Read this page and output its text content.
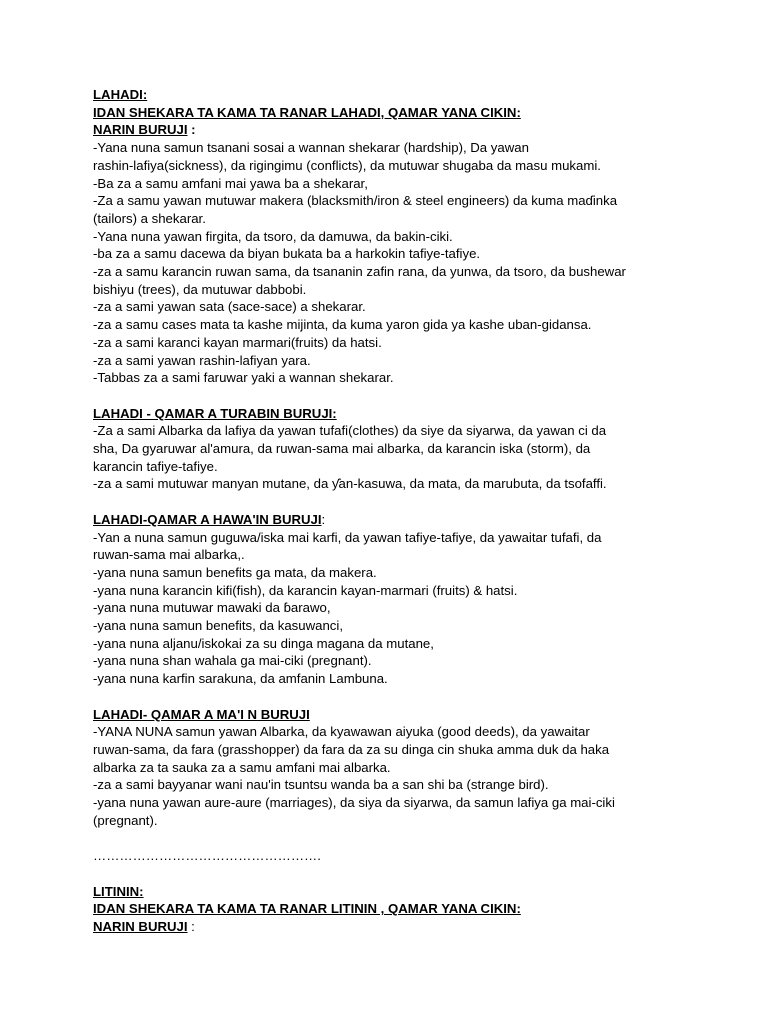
LAHADI:

IDAN SHEKARA TA KAMA TA RANAR LAHADI, QAMAR YANA CIKIN:

NARIN BURUJI :

-Yana nuna samun tsanani sosai a wannan shekarar (hardship), Da yawan

rashin-lafiya(sickness), da rigingimu (conflicts), da mutuwar shugaba da masu mukami.

-Ba za a samu amfani mai yawa ba a shekarar,

-Za a samu yawan mutuwar makera (blacksmith/iron & steel engineers) da kuma maɗinka

(tailors) a shekarar.

-Yana nuna yawan firgita, da tsoro, da damuwa, da bakin-ciki.

-ba za a samu dacewa da biyan bukata ba a harkokin tafiye-tafiye.

-za a samu karancin ruwan sama, da tsananin zafin rana, da yunwa, da tsoro, da bushewar

bishiyu (trees), da mutuwar dabbobi.

-za a sami yawan sata (sace-sace) a shekarar.

-za a samu cases mata ta kashe mijinta, da kuma yaron gida ya kashe uban-gidansa.

-za a sami karanci kayan marmari(fruits) da hatsi.

-za a sami yawan rashin-lafiyan yara.

-Tabbas za a sami faruwar yaki a wannan shekarar.

LAHADI - QAMAR A TURABIN BURUJI:

-Za a sami Albarka da lafiya da yawan tufafi(clothes) da siye da siyarwa, da yawan ci da

sha, Da gyaruwar al'amura, da ruwan-sama mai albarka, da karancin iska (storm), da

karancin tafiye-tafiye.

-za a sami mutuwar manyan mutane, da ƴan-kasuwa, da mata, da marubuta, da tsofaffi.

LAHADI-QAMAR A HAWA'IN BURUJI:

-Yan a nuna samun guguwa/iska mai karfi, da yawan tafiye-tafiye, da yawaitar tufafi, da

ruwan-sama mai albarka,.

-yana nuna samun benefits ga mata, da makera.

-yana nuna karancin kifi(fish), da karancin kayan-marmari (fruits) & hatsi.

-yana nuna mutuwar mawaki da ɓarawo,

-yana nuna samun benefits, da kasuwanci,

-yana nuna aljanu/iskokai za su dinga magana da mutane,

-yana nuna shan wahala ga mai-ciki (pregnant).

-yana nuna karfin sarakuna, da amfanin Lambuna.

LAHADI- QAMAR A MA'I N BURUJI

-YANA NUNA samun yawan Albarka, da kyawawan aiyuka (good deeds), da yawaitar

ruwan-sama, da fara (grasshopper) da fara da za su dinga cin shuka amma duk da haka

albarka za ta sauka za a samu amfani mai albarka.

-za a sami bayyanar wani nau'in tsuntsu wanda ba a san shi ba (strange bird).

-yana nuna yawan aure-aure (marriages), da siya da siyarwa, da samun lafiya ga mai-ciki

(pregnant).

…………………………………………….

LITININ:

IDAN SHEKARA TA KAMA TA RANAR LITININ , QAMAR YANA CIKIN:

NARIN BURUJI :
